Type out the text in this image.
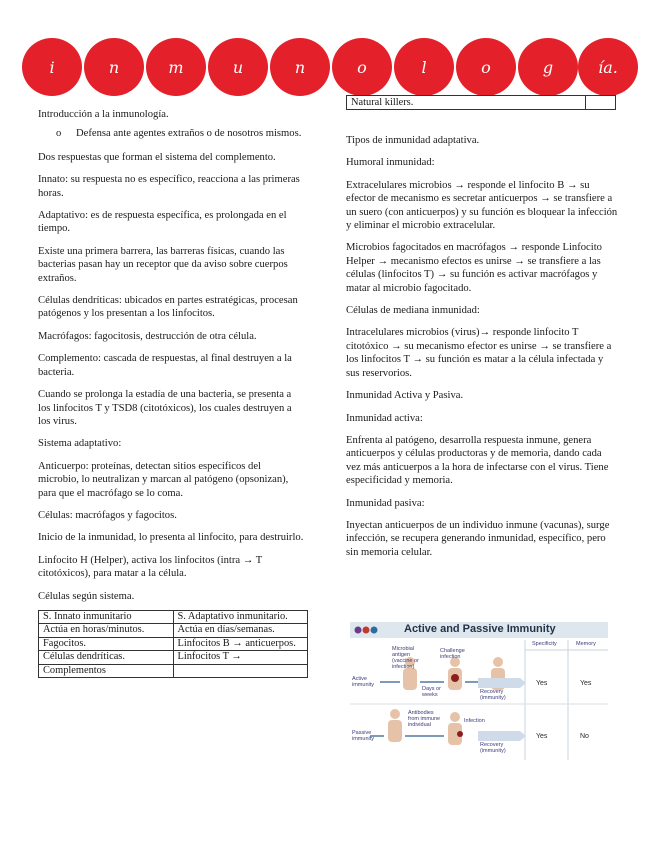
i	n	m	u	n	o	l	o	g	ía.

Introducción a la inmunología.

o	Defensa ante agentes extraños o de nosotros mismos.

Dos respuestas que forman el sistema del complemento.

Innato: su respuesta no es específico, reacciona a las primeras horas.

Adaptativo: es de respuesta específica, es prolongada en el tiempo.

Existe una primera barrera, las barreras físicas, cuando las bacterias pasan hay un receptor que da aviso sobre cuerpos extraños.

Células dendríticas: ubicados en partes estratégicas, procesan patógenos y los presentan a los linfocitos.

Macrófagos: fagocitosis, destrucción de otra célula.

Complemento: cascada de respuestas, al final destruyen a la bacteria.

Cuando se prolonga la estadía de una bacteria, se presenta a los linfocitos T y TSD8 (citotóxicos), los cuales destruyen a los virus.

Sistema adaptativo:

Anticuerpo: proteínas, detectan sitios específicos del microbio, lo neutralizan y marcan al patógeno (opsonizan), para que el macrófago se lo coma.

Células: macrófagos y fagocitos.

Inicio de la inmunidad, lo presenta al linfocito, para destruirlo.

Linfocito H (Helper), activa los linfocitos (intra → T citotóxicos), para matar a la célula.

Células según sistema.

S. Innato inmunitario	S. Adaptativo inmunitario.
Actúa en horas/minutos.	Actúa en días/semanas.
Fagocitos.	Linfocitos B → anticuerpos.
Células dendríticas.	Linfocitos T →
Complementos	
Natural killers.	

Tipos de inmunidad adaptativa.

Humoral inmunidad:

Extracelulares microbios → responde el linfocito B → su efector de mecanismo es secretar anticuerpos → se transfiere a un suero (con anticuerpos) y su función es bloquear la infección y eliminar el microbio extracelular.

Microbios fagocitados en macrófagos → responde Linfocito Helper → mecanismo efectos es unirse → se transfiere a las células (linfocitos T) → su función es activar macrófagos y matar al microbio fagocitado.

Células de mediana inmunidad:

Intracelulares microbios (virus)→ responde linfocito T citotóxico → su mecanismo efector es unirse → se transfiere a los linfocitos T → su función es matar a la célula infectada y sus reservorios.

Inmunidad Activa y Pasiva.

Inmunidad activa:

Enfrenta al patógeno, desarrolla respuesta inmune, genera anticuerpos y células productoras y de memoria, dando cada vez más anticuerpos a la hora de infectarse con el virus. Tiene especificidad y memoria.

Inmunidad pasiva:

Inyectan anticuerpos de un individuo inmune (vacunas), surge infección, se recupera generando inmunidad, específico, pero sin memoria celular.

Active and Passive Immunity
Specificity	Memory
Active immunity
Passive immunity
Microbial antigen (vaccine or infection)
Challenge infection
Days or weeks	Recovery (immunity)
Antibodies from immune individual
Infection
Recovery (immunity)
Yes	Yes
Yes	No
